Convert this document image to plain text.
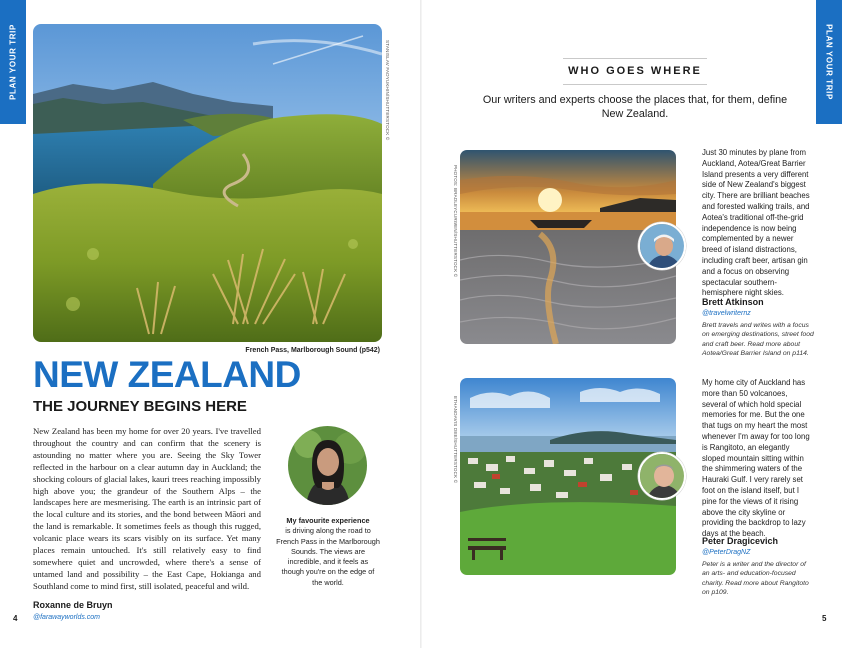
PLAN YOUR TRIP	PLAN YOUR TRIP
STANISLAV FADYUKHIN/SHUTTERSTOCK ©
French Pass, Marlborough Sound (p542)
NEW ZEALAND
THE JOURNEY BEGINS HERE

New Zealand has been my home for over 20 years. I've travelled throughout the country and can confirm that the scenery is astounding no matter where you are. Seeing the Sky Tower reflected in the harbour on a clear autumn day in Auckland; the shocking colours of glacial lakes, kauri trees reaching impossibly high above you; the grandeur of the Southern Alps – the landscapes here are mesmerising. The earth is an intrinsic part of the local culture and its stories, and the bond between Māori and the land is remarkable. It sometimes feels as though this rugged, volcanic place wears its scars visibly on its surface. Yet many places remain untouched. It's still relatively easy to find somewhere quiet and uncrowded, where there's a sense of untamed land and possibility – the East Cape, Hokianga and Southland come to mind first, still isolated, peaceful and wild.

Roxanne de Bruyn
@farawayworlds.com
My favourite experience
is driving along the road to French Pass in the Marlborough Sounds. The views are incredible, and it feels as though you're on the edge of the world.
4
WHO GOES WHERE

Our writers and experts choose the places that, for them, define New Zealand.

PHOTOS: BRADLEYCURWEN/SHUTTERSTOCK ©

Just 30 minutes by plane from Auckland, Aotea/Great Barrier Island presents a very different side of New Zealand's biggest city. There are brilliant beaches and forested walking trails, and Aotea's traditional off-the-grid independence is now being complemented by a newer breed of island distractions, including craft beer, artisan gin and a focus on observing spectacular southern-hemisphere night skies.

Brett Atkinson
@travelwriternz

Brett travels and writes with a focus on emerging destinations, street food and craft beer. Read more about Aotea/Great Barrier Island on p114.

ETHANDAVIS DEE/SHUTTERSTOCK ©

My home city of Auckland has more than 50 volcanoes, several of which hold special memories for me. But the one that tugs on my heart the most whenever I'm away for too long is Rangitoto, an elegantly sloped mountain sitting within the shimmering waters of the Hauraki Gulf. I very rarely set foot on the island itself, but I pine for the views of it rising above the city skyline or providing the backdrop to lazy days at the beach.

Peter Dragicevich
@PeterDragNZ

Peter is a writer and the director of an arts- and education-focused charity. Read more about Rangitoto on p109.

5
